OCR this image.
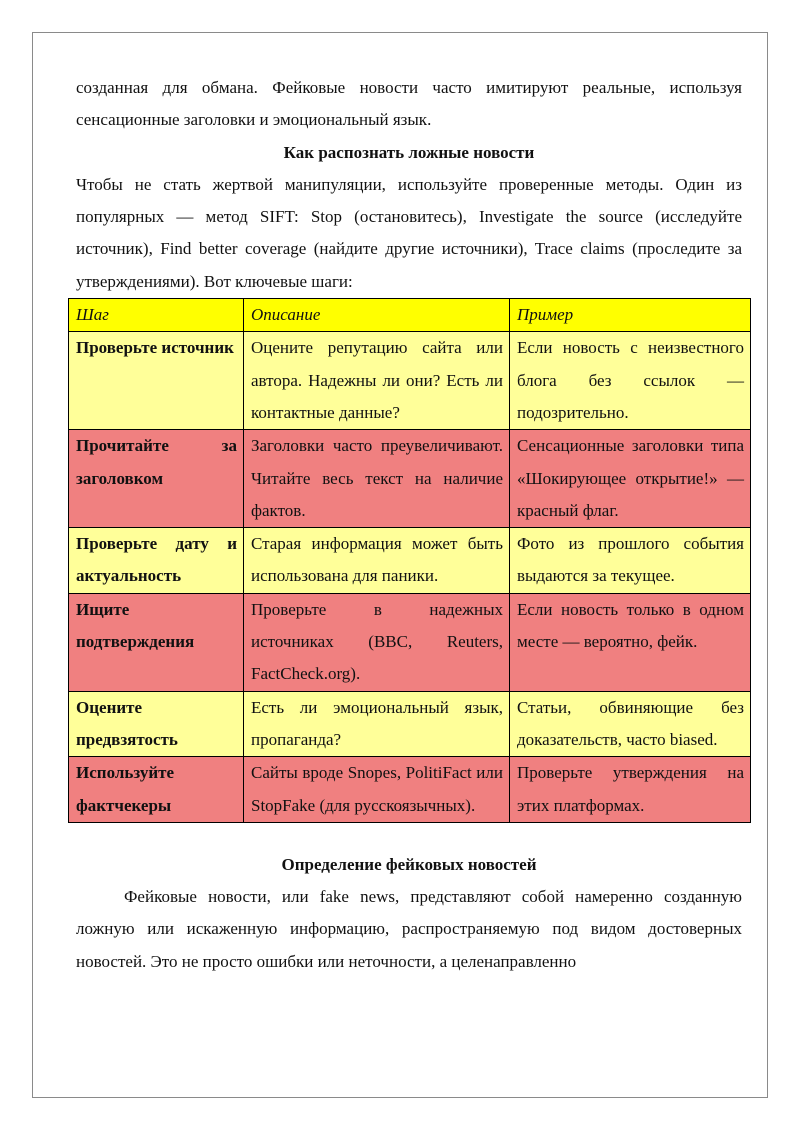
созданная для обмана. Фейковые новости часто имитируют реальные, используя сенсационные заголовки и эмоциональный язык.

Как распознать ложные новости

Чтобы не стать жертвой манипуляции, используйте проверенные методы. Один из популярных — метод SIFT: Stop (остановитесь), Investigate the source (исследуйте источник), Find better coverage (найдите другие источники), Trace claims (проследите за утверждениями). Вот ключевые шаги:

Шаг	Описание	Пример
Проверьте источник	Оцените репутацию сайта или автора. Надежны ли они? Есть ли контактные данные?	Если новость с неизвестного блога без ссылок — подозрительно.
Прочитайте за заголовком	Заголовки часто преувеличивают. Читайте весь текст на наличие фактов.	Сенсационные заголовки типа «Шокирующее открытие!» — красный флаг.
Проверьте дату и актуальность	Старая информация может быть использована для паники.	Фото из прошлого события выдаются за текущее.
Ищите подтверждения	Проверьте в надежных источниках (BBC, Reuters, FactCheck.org).	Если новость только в одном месте — вероятно, фейк.
Оцените предвзятость	Есть ли эмоциональный язык, пропаганда?	Статьи, обвиняющие без доказательств, часто biased.
Используйте фактчекеры	Сайты вроде Snopes, PolitiFact или StopFake (для русскоязычных).	Проверьте утверждения на этих платформах.

Определение фейковых новостей

Фейковые новости, или fake news, представляют собой намеренно созданную ложную или искаженную информацию, распространяемую под видом достоверных новостей. Это не просто ошибки или неточности, а целенаправленно
